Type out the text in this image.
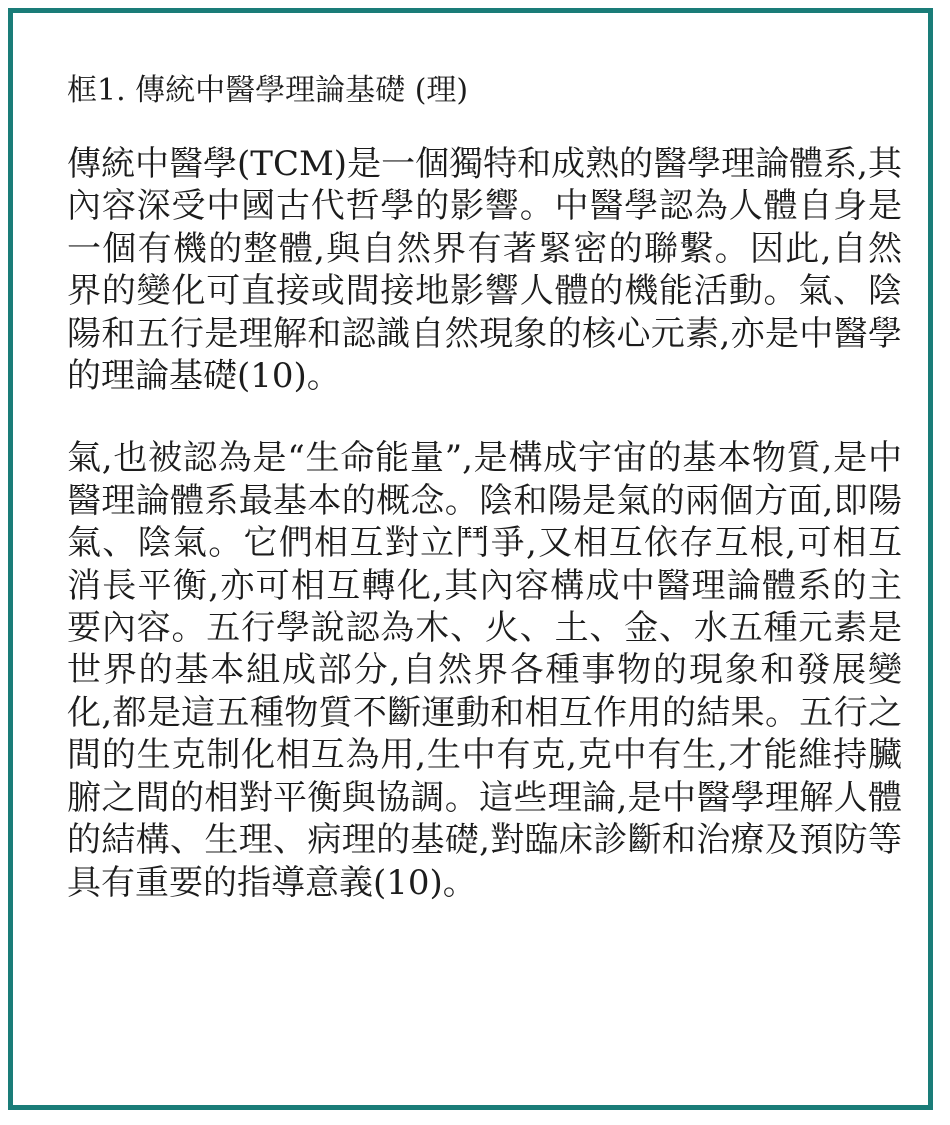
框1. 傳統中醫學理論基礎 (理)

傳統中醫學(TCM)是一個獨特和成熟的醫學理論體系,其內容深受中國古代哲學的影響。中醫學認為人體自身是一個有機的整體,與自然界有著緊密的聯繫。因此,自然界的變化可直接或間接地影響人體的機能活動。氣、陰陽和五行是理解和認識自然現象的核心元素,亦是中醫學的理論基礎(10)。

氣,也被認為是“生命能量”,是構成宇宙的基本物質,是中醫理論體系最基本的概念。陰和陽是氣的兩個方面,即陽氣、陰氣。它們相互對立鬥爭,又相互依存互根,可相互消長平衡,亦可相互轉化,其內容構成中醫理論體系的主要內容。五行學說認為木、火、土、金、水五種元素是世界的基本組成部分,自然界各種事物的現象和發展變化,都是這五種物質不斷運動和相互作用的結果。五行之間的生克制化相互為用,生中有克,克中有生,才能維持臟腑之間的相對平衡與協調。這些理論,是中醫學理解人體的結構、生理、病理的基礎,對臨床診斷和治療及預防等具有重要的指導意義(10)。
